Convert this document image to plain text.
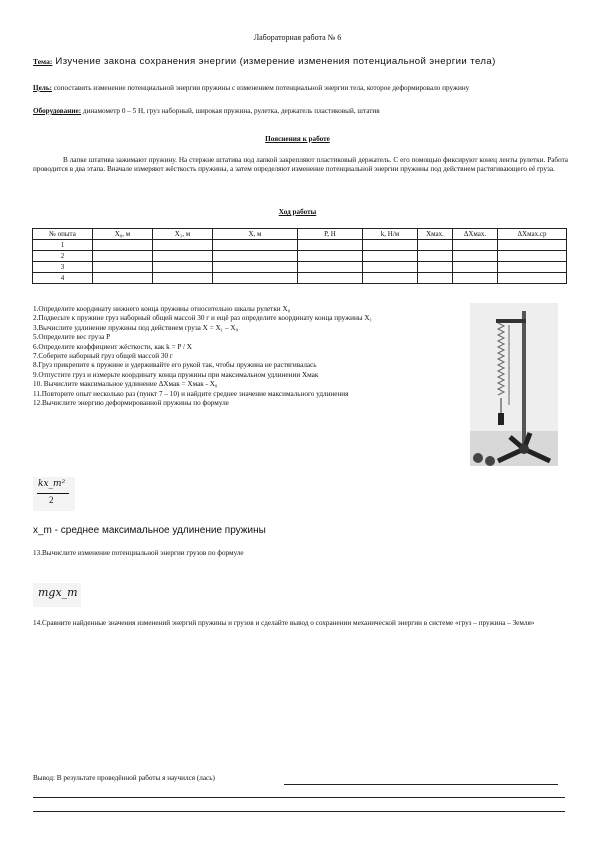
Лабораторная работа № 6
Тема: Изучение закона сохранения энергии (измерение изменения потенциальной энергии тела)
Цель: сопоставить изменение потенциальной энергии пружины с изменением потенциальной энергии тела, которое деформировало пружину
Оборудование: динамометр 0 – 5 Н, груз наборный, широкая пружина, рулетка, держатель пластиковый, штатив
Пояснения к работе
В лапке штатива зажимают пружину. На стержне штатива под лапкой закрепляют пластиковый держатель. С его помощью фиксируют конец ленты рулетки. Работа проводится в два этапа. Вначале измеряют жёсткость пружины, а затем определяют изменение потенциальной энергии пружины под действием растягивающего её груза.
Ход работы
№ опыта	X₀, м	X₁, м	Х, м	P, H	k, Н/м	Xмах.	ΔXмах.	ΔXмах.ср
1								
2								
3								
4								
1.Определите координату нижнего конца пружины относительно шкалы рулетки X₀
2.Подвесьте к пружине груз наборный общей массой 30 г и ещё раз определите координату конца пружины X₁
3.Вычислите удлинение пружины под действием груза Х = X₁ – X₀
5.Определите вес груза P
6.Определите коэффициент жёсткости, как k = P / X
7.Соберите наборный груз общей массой 30 г
8.Груз прикрепите к пружине и удерживайте его рукой так, чтобы пружина не растягивалась
9.Отпустите груз и измерьте координату конца пружины при максимальном удлинении Xмак
10. Вычислите максимальное удлинение ΔXмак = Xмак - X₀
11.Повторите опыт несколько раз (пункт 7 – 10) и найдите среднее значение максимального удлинения
12.Вычислите энергию деформированной пружины по формуле
kx_m²
2
x_m - среднее максимальное удлинение пружины
13.Вычислите изменение потенциальной энергии грузов по формуле
mgx_m
14.Сравните найденные значения изменений энергий пружины и грузов и сделайте вывод о сохранении механической энергии в системе «груз – пружина – Земля»
Вывод: В результате проведённой работы я научился (лась)
